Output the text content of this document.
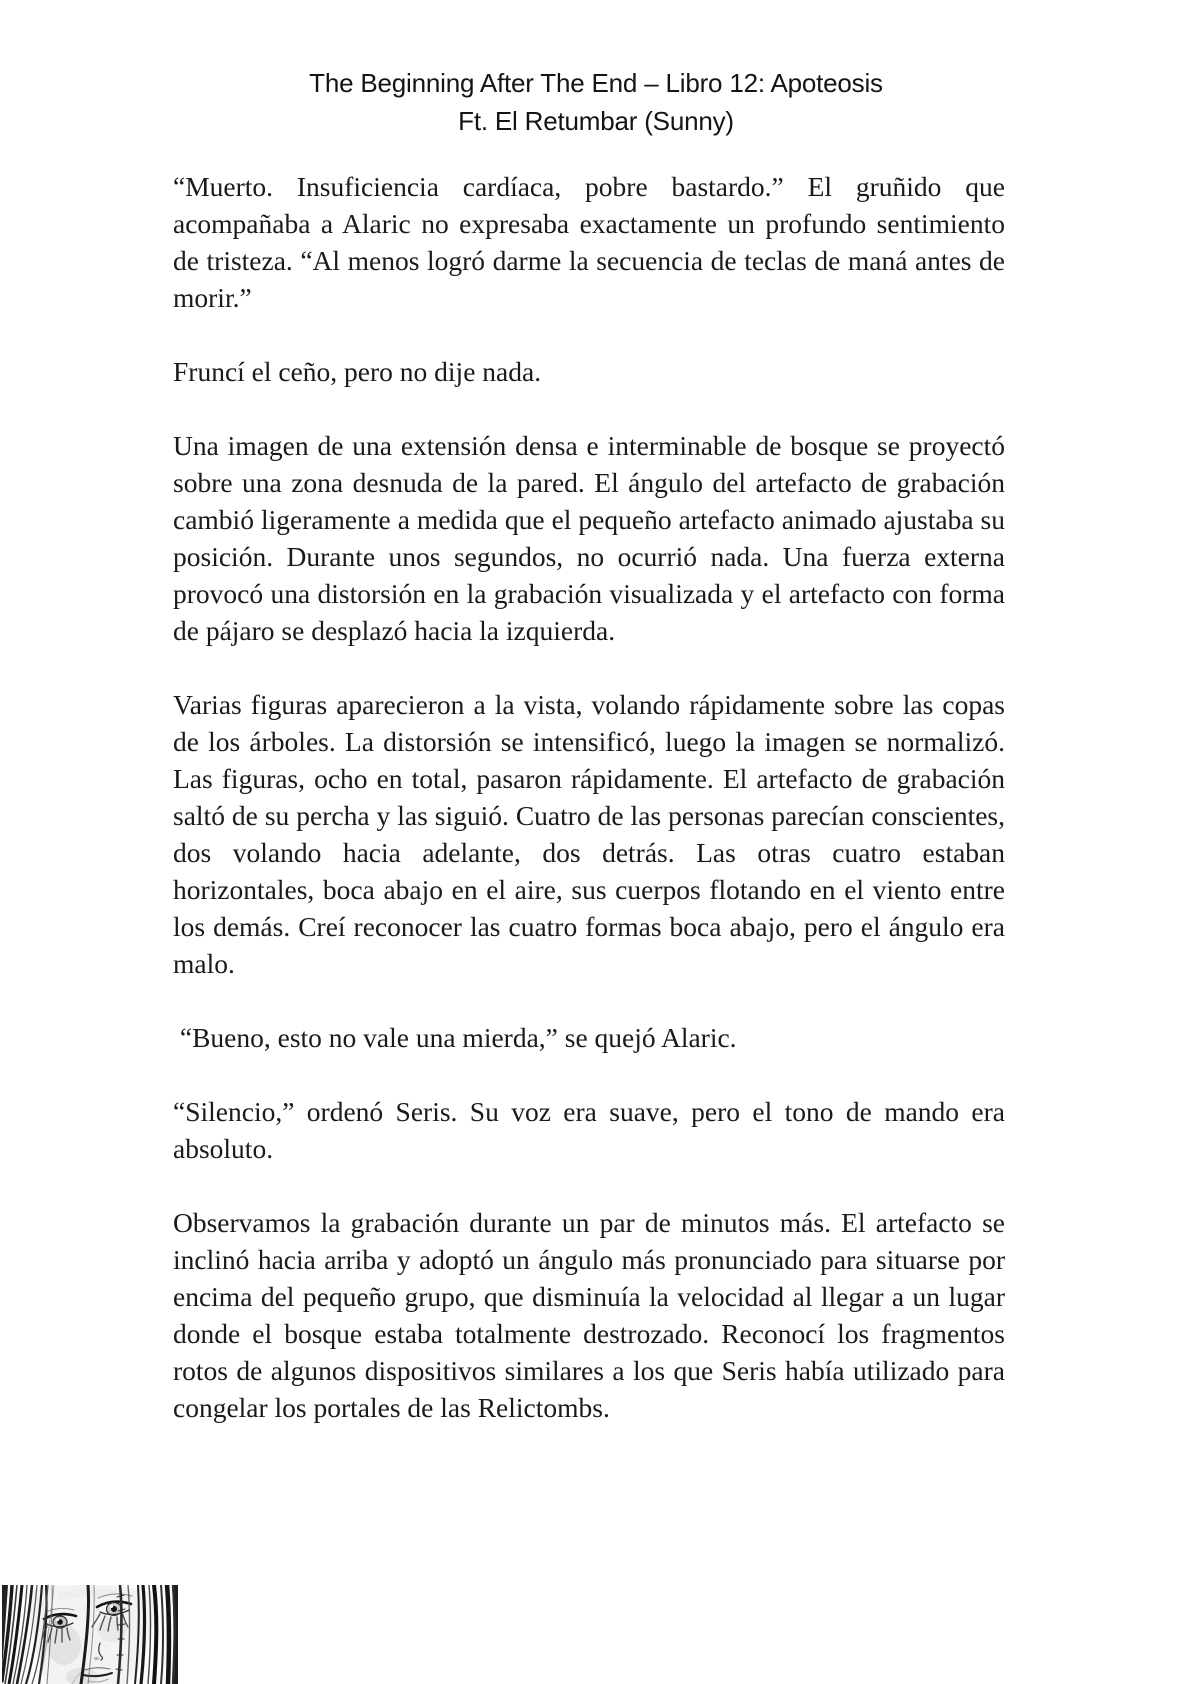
The Beginning After The End – Libro 12: Apoteosis
Ft. El Retumbar (Sunny)

“Muerto. Insuficiencia cardíaca, pobre bastardo.” El gruñido que acompañaba a Alaric no expresaba exactamente un profundo sentimiento de tristeza. “Al menos logró darme la secuencia de teclas de maná antes de morir.”

Fruncí el ceño, pero no dije nada.

Una imagen de una extensión densa e interminable de bosque se proyectó sobre una zona desnuda de la pared. El ángulo del artefacto de grabación cambió ligeramente a medida que el pequeño artefacto animado ajustaba su posición. Durante unos segundos, no ocurrió nada. Una fuerza externa provocó una distorsión en la grabación visualizada y el artefacto con forma de pájaro se desplazó hacia la izquierda.

Varias figuras aparecieron a la vista, volando rápidamente sobre las copas de los árboles. La distorsión se intensificó, luego la imagen se normalizó. Las figuras, ocho en total, pasaron rápidamente. El artefacto de grabación saltó de su percha y las siguió. Cuatro de las personas parecían conscientes, dos volando hacia adelante, dos detrás. Las otras cuatro estaban horizontales, boca abajo en el aire, sus cuerpos flotando en el viento entre los demás. Creí reconocer las cuatro formas boca abajo, pero el ángulo era malo.

“Bueno, esto no vale una mierda,” se quejó Alaric.

“Silencio,” ordenó Seris. Su voz era suave, pero el tono de mando era absoluto.

Observamos la grabación durante un par de minutos más. El artefacto se inclinó hacia arriba y adoptó un ángulo más pronunciado para situarse por encima del pequeño grupo, que disminuía la velocidad al llegar a un lugar donde el bosque estaba totalmente destrozado. Reconocí los fragmentos rotos de algunos dispositivos similares a los que Seris había utilizado para congelar los portales de las Relictombs.
